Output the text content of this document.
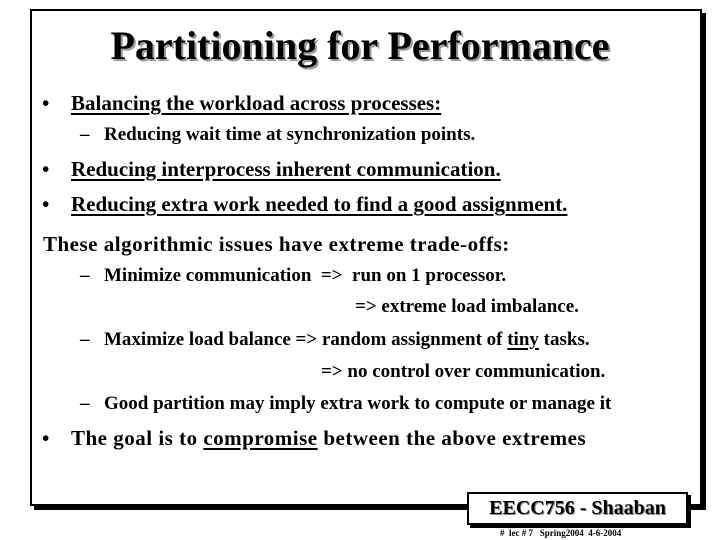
Partitioning for Performance
• Balancing the workload across processes:
– Reducing wait time at synchronization points.
• Reducing interprocess inherent communication.
• Reducing extra work needed to find a good assignment.
These algorithmic issues have extreme trade-offs:
– Minimize communication  =>  run on 1 processor.
=> extreme load imbalance.
– Maximize load balance => random assignment of tiny tasks.
=> no control over communication.
– Good partition may imply extra work to compute or manage it
• The goal is to compromise between the above extremes
EECC756 - Shaaban
#  lec # 7   Spring2004  4-6-2004
